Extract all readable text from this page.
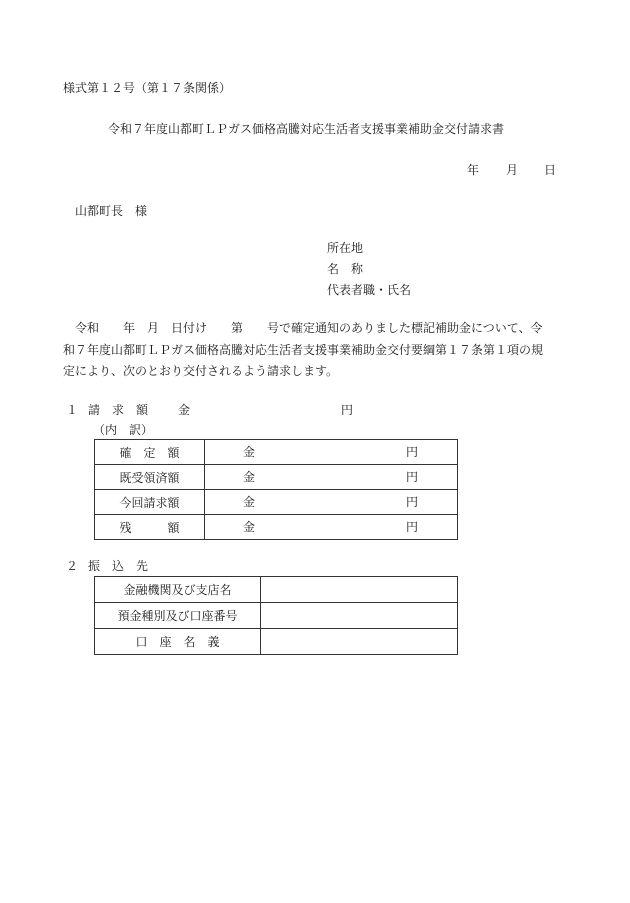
様式第１２号（第１７条関係）
令和７年度山都町ＬＰガス価格高騰対応生活者支援事業補助金交付請求書
年 月 日
山都町長　様
所在地
名　称
代表者職・氏名
令和　　年　月　日付け　　第　　号で確定通知のありました標記補助金について、令
和７年度山都町ＬＰガス価格高騰対応生活者支援事業補助金交付要綱第１７条第１項の規
定により、次のとおり交付されるよう請求します。
１ 請　求　額 金	円
（内　訳）
確　定　額	金 円

既受領済額	金 円

今回請求額	金 円

残　　　額	金 円
２ 振　込　先
金融機関及び支店名	
預金種別及び口座番号	
口　座　名　義	
